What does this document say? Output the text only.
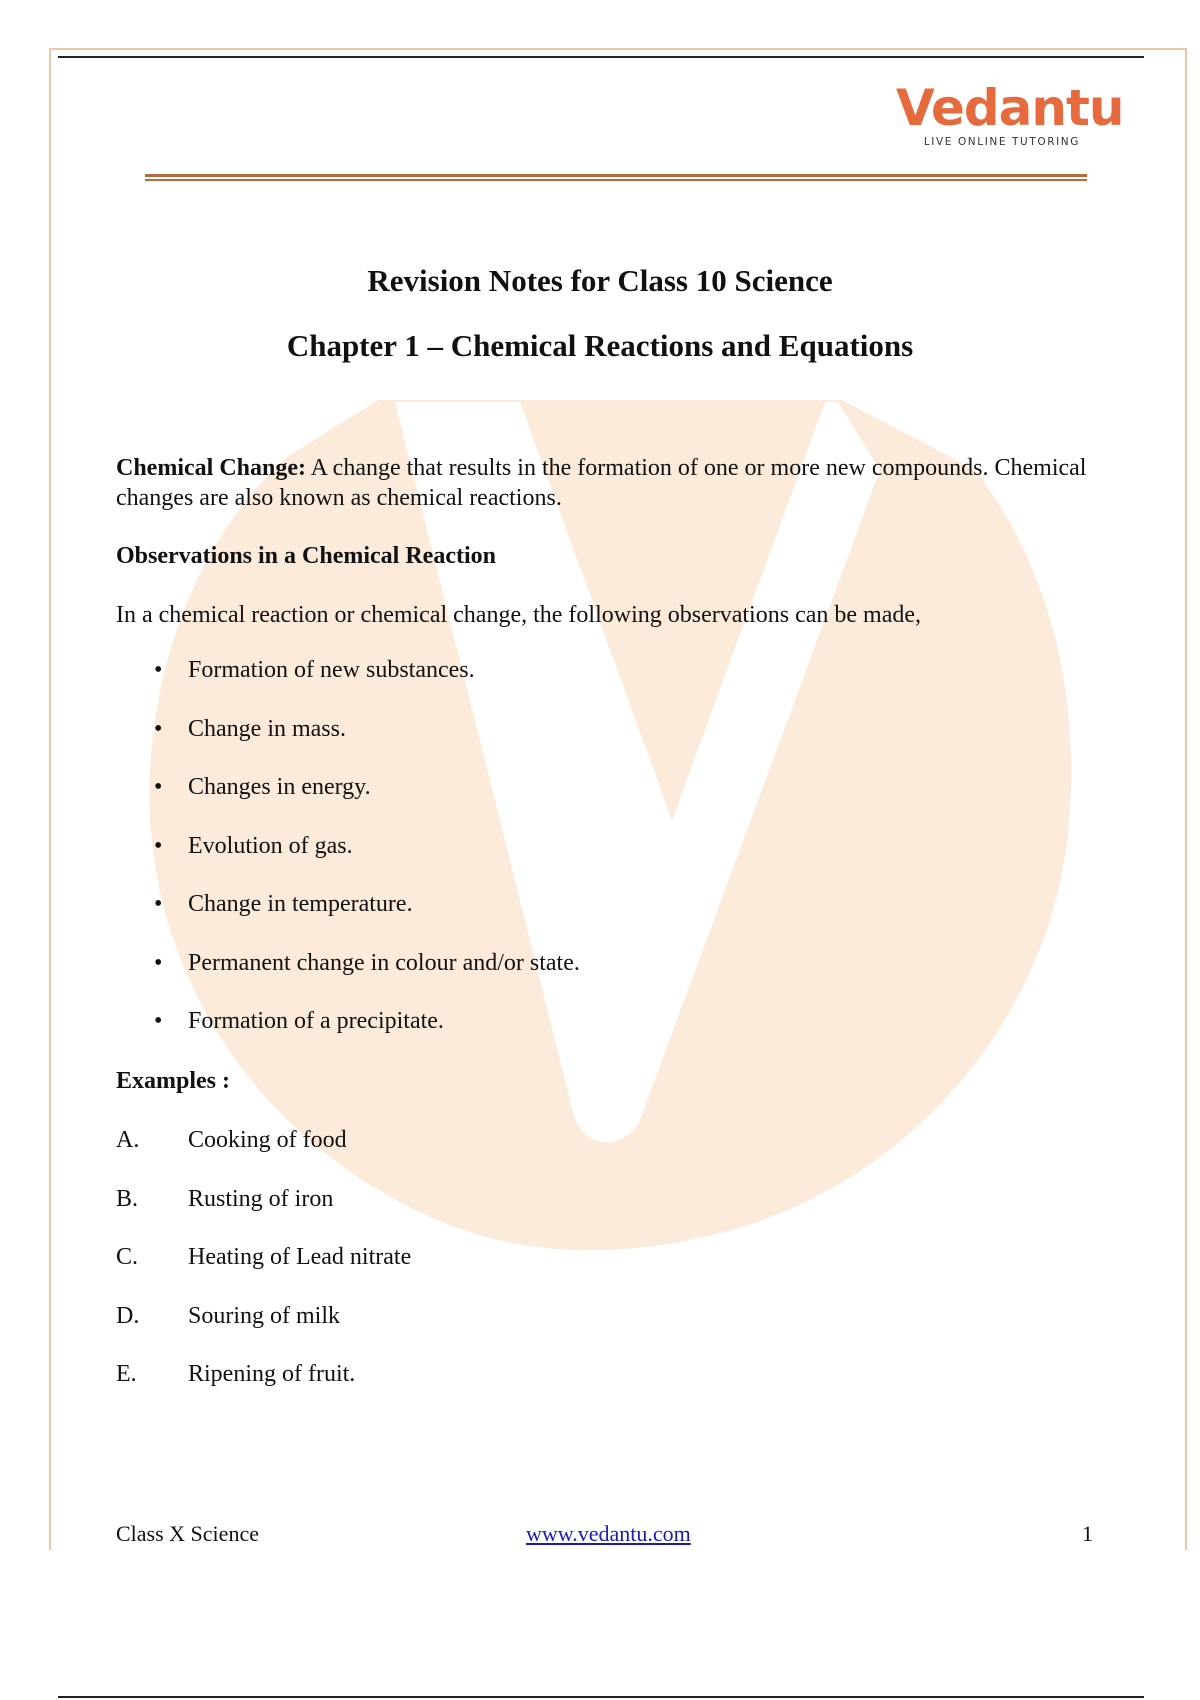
Vedantu
LIVE ONLINE TUTORING
Revision Notes for Class 10 Science
Chapter 1 – Chemical Reactions and Equations
Chemical Change: A change that results in the formation of one or more new compounds. Chemical changes are also known as chemical reactions.
Observations in a Chemical Reaction
In a chemical reaction or chemical change, the following observations can be made,
• Formation of new substances.
• Change in mass.
• Changes in energy.
• Evolution of gas.
• Change in temperature.
• Permanent change in colour and/or state.
• Formation of a precipitate.
Examples :
A. Cooking of food
B. Rusting of iron
C. Heating of Lead nitrate
D. Souring of milk
E. Ripening of fruit.
Class X Science	www.vedantu.com	1
